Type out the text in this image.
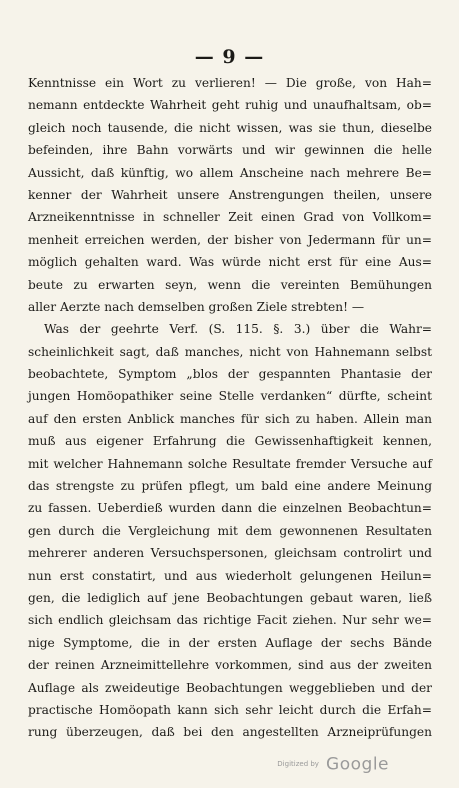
— 9 —
Kenntnisse ein Wort zu verlieren! — Die große, von Hah=
nemann entdeckte Wahrheit geht ruhig und unaufhaltsam, ob=
gleich noch tausende, die nicht wissen, was sie thun, dieselbe
befeinden, ihre Bahn vorwärts und wir gewinnen die helle
Aussicht, daß künftig, wo allem Anscheine nach mehrere Be=
kenner der Wahrheit unsere Anstrengungen theilen, unsere
Arzneikenntnisse in schneller Zeit einen Grad von Vollkom=
menheit erreichen werden, der bisher von Jedermann für un=
möglich gehalten ward. Was würde nicht erst für eine Aus=
beute zu erwarten seyn, wenn die vereinten Bemühungen
aller Aerzte nach demselben großen Ziele strebten! —
Was der geehrte Verf. (S. 115. §. 3.) über die Wahr=
scheinlichkeit sagt, daß manches, nicht von Hahnemann selbst
beobachtete, Symptom „blos der gespannten Phantasie der
jungen Homöopathiker seine Stelle verdanken“ dürfte, scheint
auf den ersten Anblick manches für sich zu haben. Allein man
muß aus eigener Erfahrung die Gewissenhaftigkeit kennen,
mit welcher Hahnemann solche Resultate fremder Versuche auf
das strengste zu prüfen pflegt, um bald eine andere Meinung
zu fassen. Ueberdieß wurden dann die einzelnen Beobachtun=
gen durch die Vergleichung mit dem gewonnenen Resultaten
mehrerer anderen Versuchspersonen, gleichsam controlirt und
nun erst constatirt, und aus wiederholt gelungenen Heilun=
gen, die lediglich auf jene Beobachtungen gebaut waren, ließ
sich endlich gleichsam das richtige Facit ziehen. Nur sehr we=
nige Symptome, die in der ersten Auflage der sechs Bände
der reinen Arzneimittellehre vorkommen, sind aus der zweiten
Auflage als zweideutige Beobachtungen weggeblieben und der
practische Homöopath kann sich sehr leicht durch die Erfah=
rung überzeugen, daß bei den angestellten Arzneiprüfungen
Digitized by Google
